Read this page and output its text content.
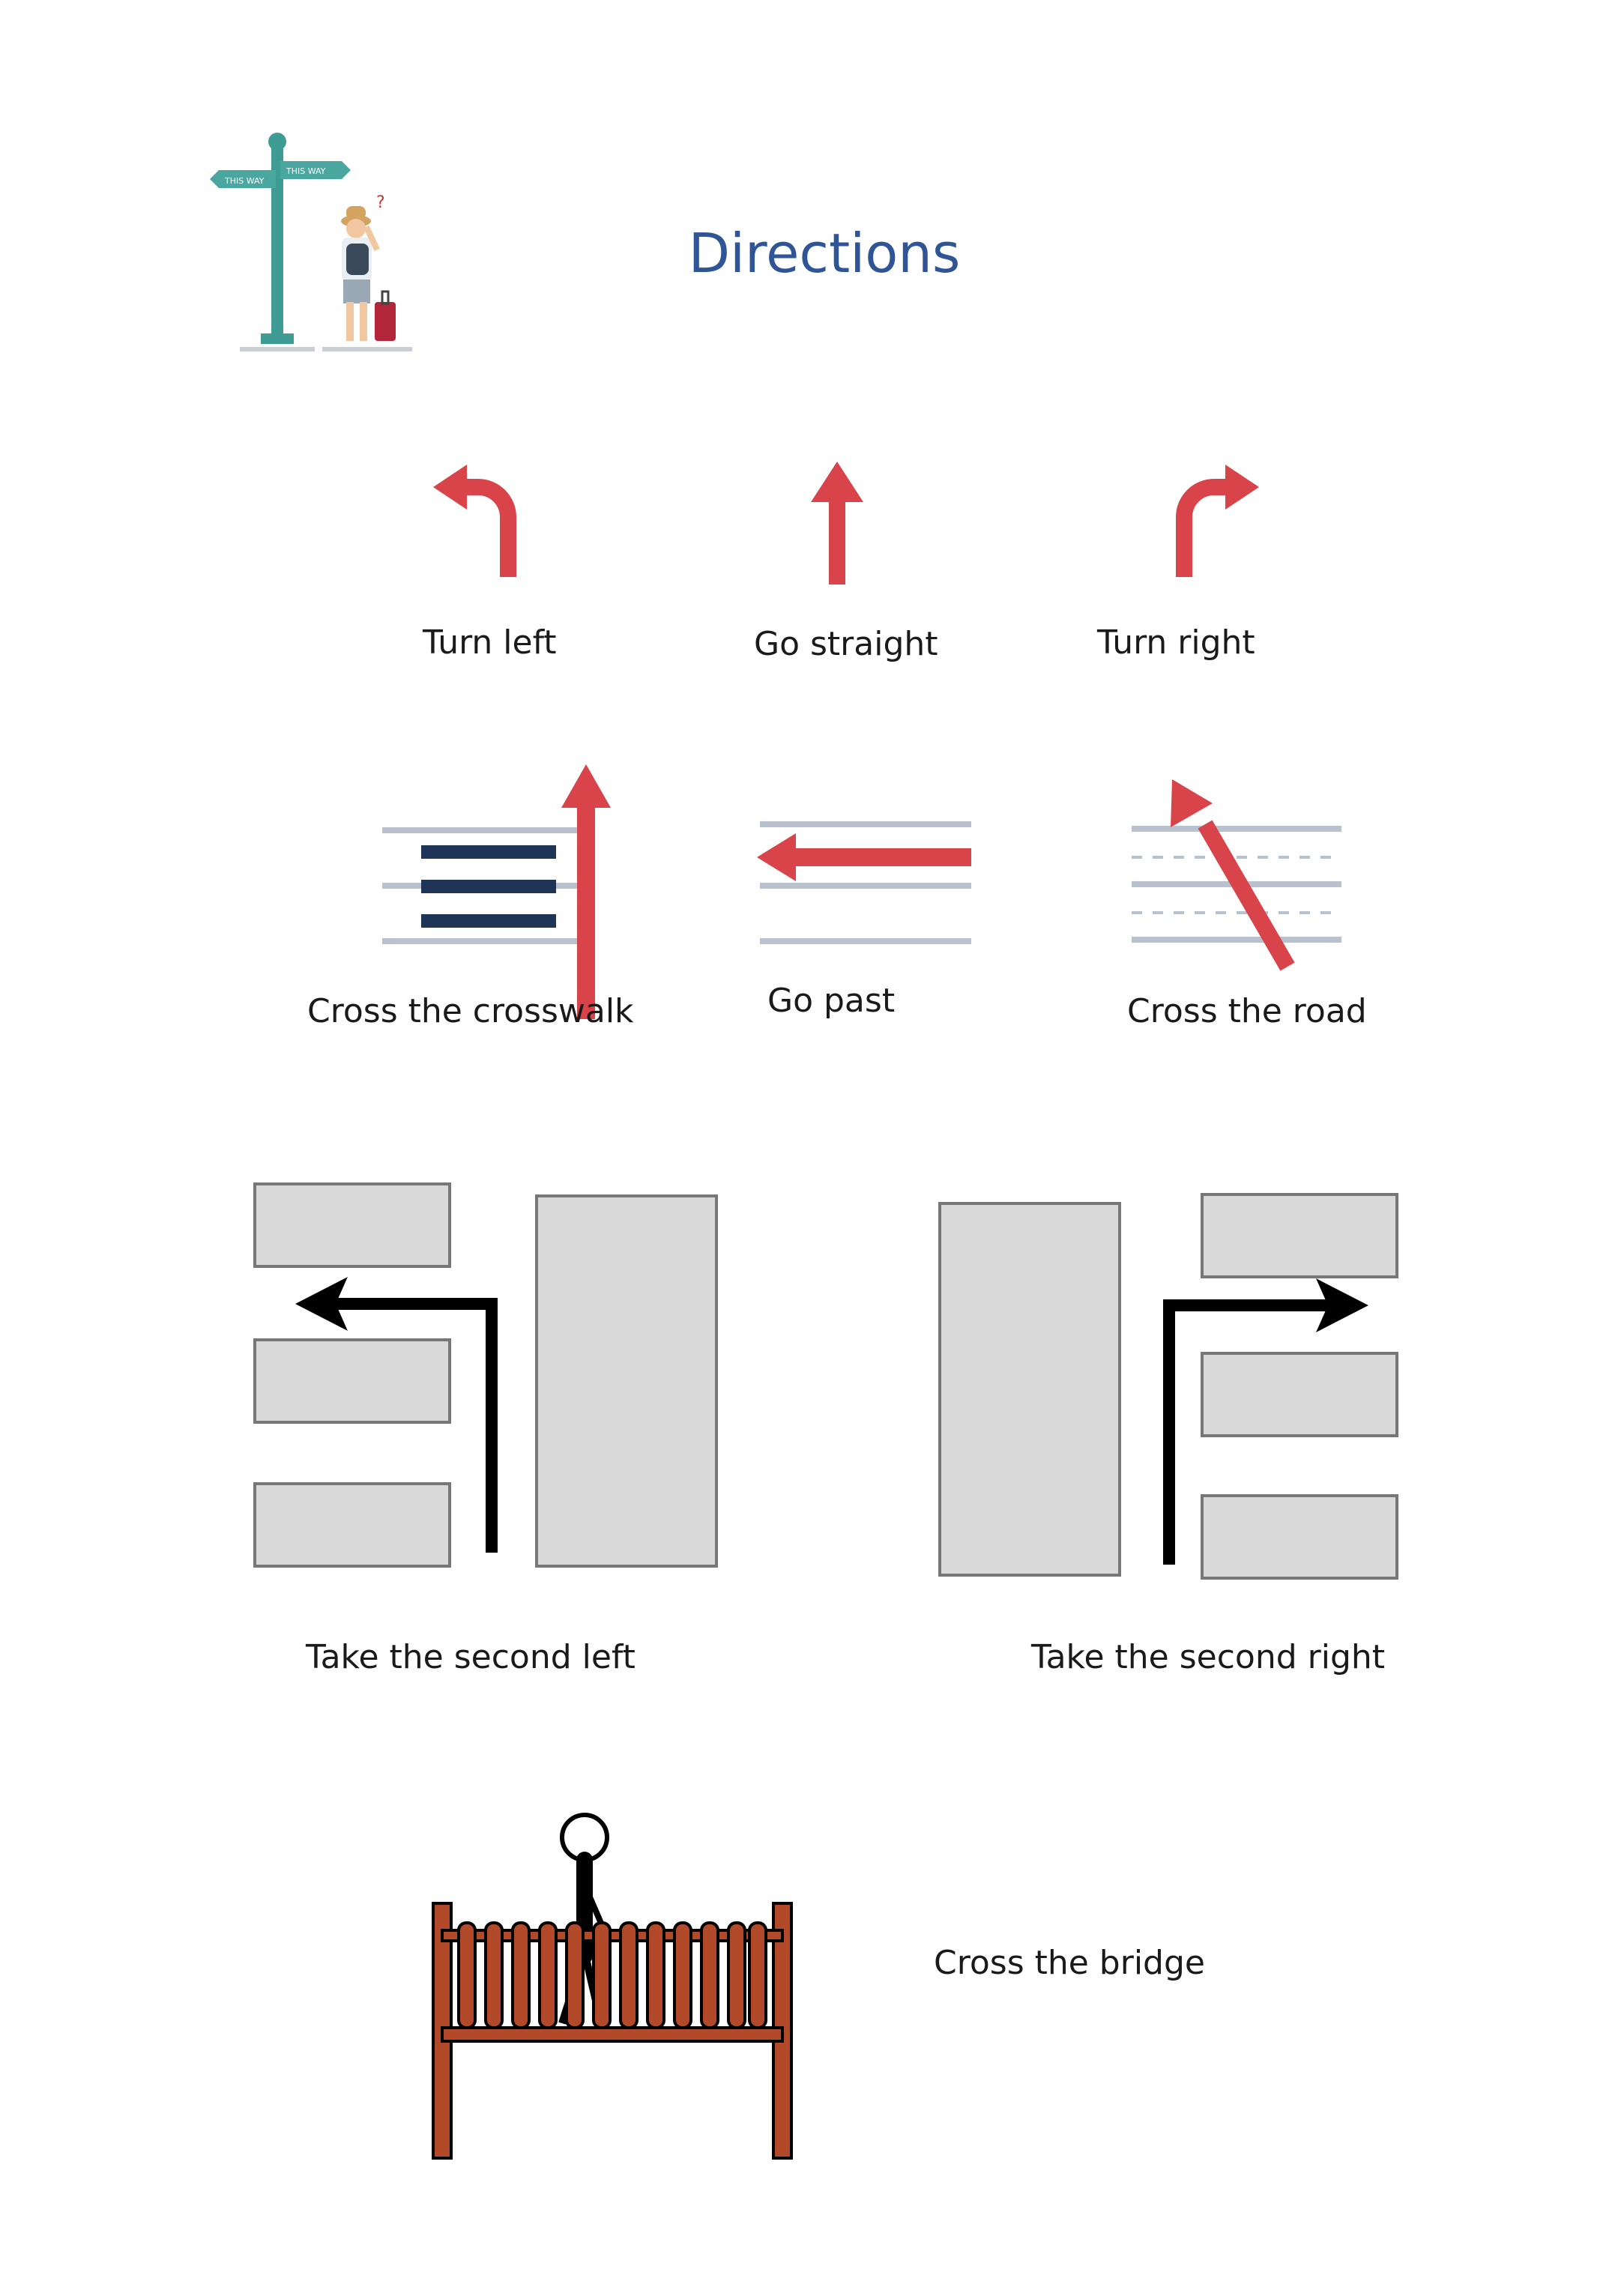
Directions
THIS WAY
THIS WAY
?
Turn left	Go straight	Turn right
Cross the crosswalk	Go past	Cross the road
Take the second left	Take the second right
Cross the bridge
